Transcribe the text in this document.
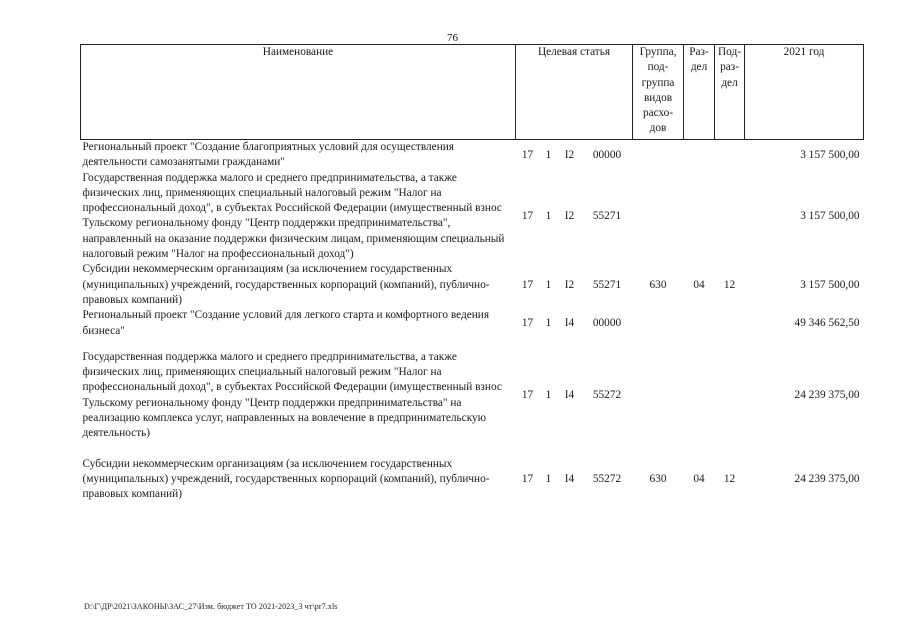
76
Наименование	Целевая статья				Группа, под-группа видов расхо-дов	Раз-дел	Под-раз-дел	2021 год
Региональный проект "Создание благоприятных условий для осуществления деятельности самозанятыми гражданами"	17	1	I2	00000				3 157 500,00
Государственная поддержка малого и среднего предпринимательства, а также физических лиц, применяющих специальный налоговый режим "Налог на профессиональный доход", в субъектах Российской Федерации (имущественный взнос Тульскому региональному фонду "Центр поддержки предпринимательства", направленный на оказание поддержки физическим лицам, применяющим специальный налоговый режим "Налог на профессиональный доход")	17	1	I2	55271				3 157 500,00
Субсидии некоммерческим организациям (за исключением государственных (муниципальных) учреждений, государственных корпораций (компаний), публично-правовых компаний)	17	1	I2	55271	630	04	12	3 157 500,00
Региональный проект "Создание условий для легкого старта и комфортного ведения бизнеса"	17	1	I4	00000				49 346 562,50
Государственная поддержка малого и среднего предпринимательства, а также физических лиц, применяющих специальный налоговый режим "Налог на профессиональный доход", в субъектах Российской Федерации (имущественный взнос Тульскому региональному фонду "Центр поддержки предпринимательства" на реализацию комплекса услуг, направленных на вовлечение в предпринимательскую деятельность)	17	1	I4	55272				24 239 375,00
Субсидии некоммерческим организациям (за исключением государственных (муниципальных) учреждений, государственных корпораций (компаний), публично-правовых компаний)	17	1	I4	55272	630	04	12	24 239 375,00
D:\Г\ДР\2021\ЗАКОНЫ\ЗАС_27\Изм. бюджет ТО 2021-2023_3 чт\pr7.xls
